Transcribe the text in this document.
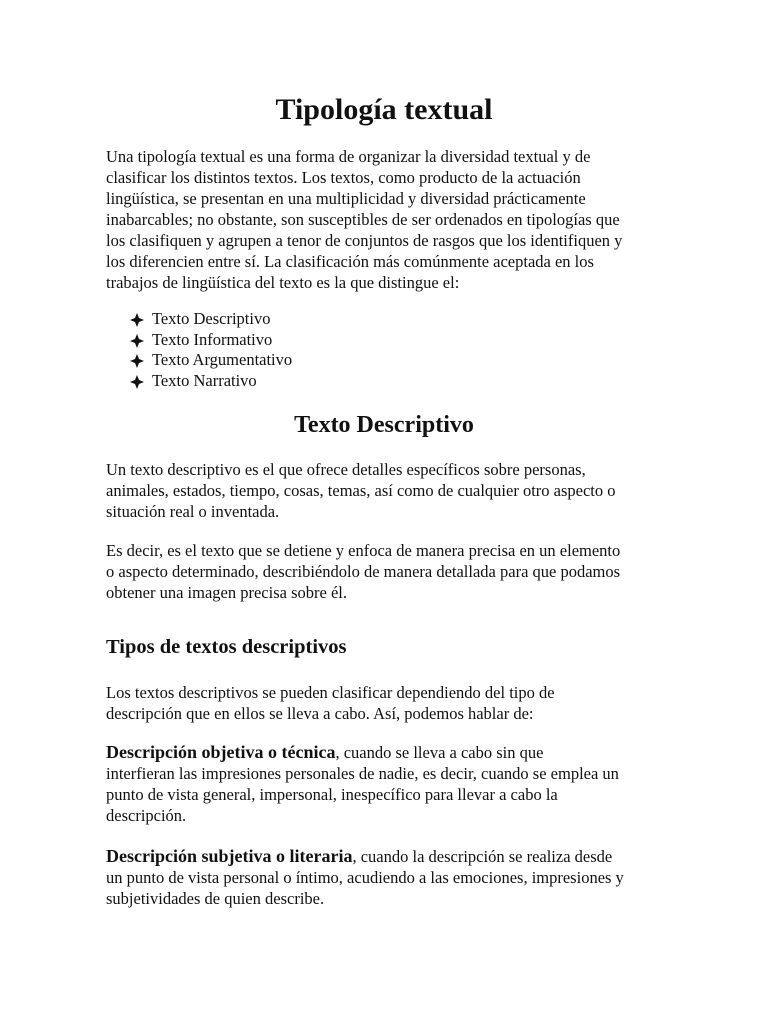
Tipología textual
Una tipología textual es una forma de organizar la diversidad textual y de
clasificar los distintos textos. Los textos, como producto de la actuación
lingüística, se presentan en una multiplicidad y diversidad prácticamente
inabarcables; no obstante, son susceptibles de ser ordenados en tipologías que
los clasifiquen y agrupen a tenor de conjuntos de rasgos que los identifiquen y
los diferencien entre sí. La clasificación más comúnmente aceptada en los
trabajos de lingüística del texto es la que distingue el:
Texto Descriptivo
Texto Informativo
Texto Argumentativo
Texto Narrativo
Texto Descriptivo
Un texto descriptivo es el que ofrece detalles específicos sobre personas,
animales, estados, tiempo, cosas, temas, así como de cualquier otro aspecto o
situación real o inventada.
Es decir, es el texto que se detiene y enfoca de manera precisa en un elemento
o aspecto determinado, describiéndolo de manera detallada para que podamos
obtener una imagen precisa sobre él.
Tipos de textos descriptivos
Los textos descriptivos se pueden clasificar dependiendo del tipo de
descripción que en ellos se lleva a cabo. Así, podemos hablar de:
Descripción objetiva o técnica, cuando se lleva a cabo sin que
interfieran las impresiones personales de nadie, es decir, cuando se emplea un
punto de vista general, impersonal, inespecífico para llevar a cabo la
descripción.
Descripción subjetiva o literaria, cuando la descripción se realiza desde
un punto de vista personal o íntimo, acudiendo a las emociones, impresiones y
subjetividades de quien describe.
